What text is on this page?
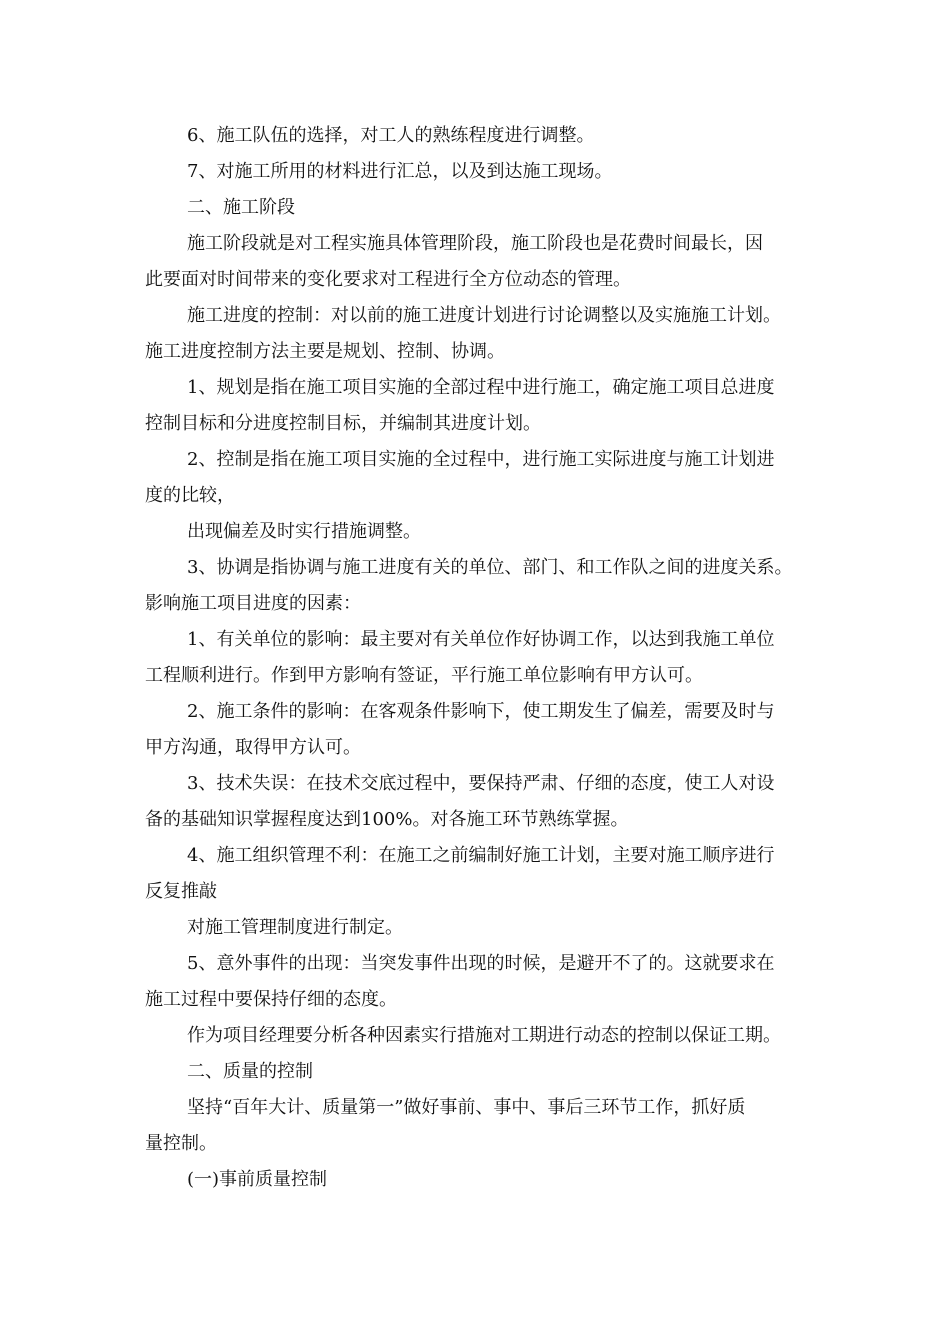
6、施工队伍的选择，对工人的熟练程度进行调整。

7、对施工所用的材料进行汇总，以及到达施工现场。

二、施工阶段

施工阶段就是对工程实施具体管理阶段，施工阶段也是花费时间最长，因

此要面对时间带来的变化要求对工程进行全方位动态的管理。

施工进度的控制：对以前的施工进度计划进行讨论调整以及实施施工计划。

施工进度控制方法主要是规划、控制、协调。

1、规划是指在施工项目实施的全部过程中进行施工，确定施工项目总进度

控制目标和分进度控制目标，并编制其进度计划。

2、控制是指在施工项目实施的全过程中，进行施工实际进度与施工计划进

度的比较，

出现偏差及时实行措施调整。

3、协调是指协调与施工进度有关的单位、部门、和工作队之间的进度关系。

影响施工项目进度的因素：

1、有关单位的影响：最主要对有关单位作好协调工作，以达到我施工单位

工程顺利进行。作到甲方影响有签证，平行施工单位影响有甲方认可。

2、施工条件的影响：在客观条件影响下，使工期发生了偏差，需要及时与

甲方沟通，取得甲方认可。

3、技术失误：在技术交底过程中，要保持严肃、仔细的态度，使工人对设

备的基础知识掌握程度达到100%。对各施工环节熟练掌握。

4、施工组织管理不利：在施工之前编制好施工计划，主要对施工顺序进行

反复推敲

对施工管理制度进行制定。

5、意外事件的出现：当突发事件出现的时候，是避开不了的。这就要求在

施工过程中要保持仔细的态度。

作为项目经理要分析各种因素实行措施对工期进行动态的控制以保证工期。

二、质量的控制

坚持“百年大计、质量第一”做好事前、事中、事后三环节工作，抓好质

量控制。

(一)事前质量控制
